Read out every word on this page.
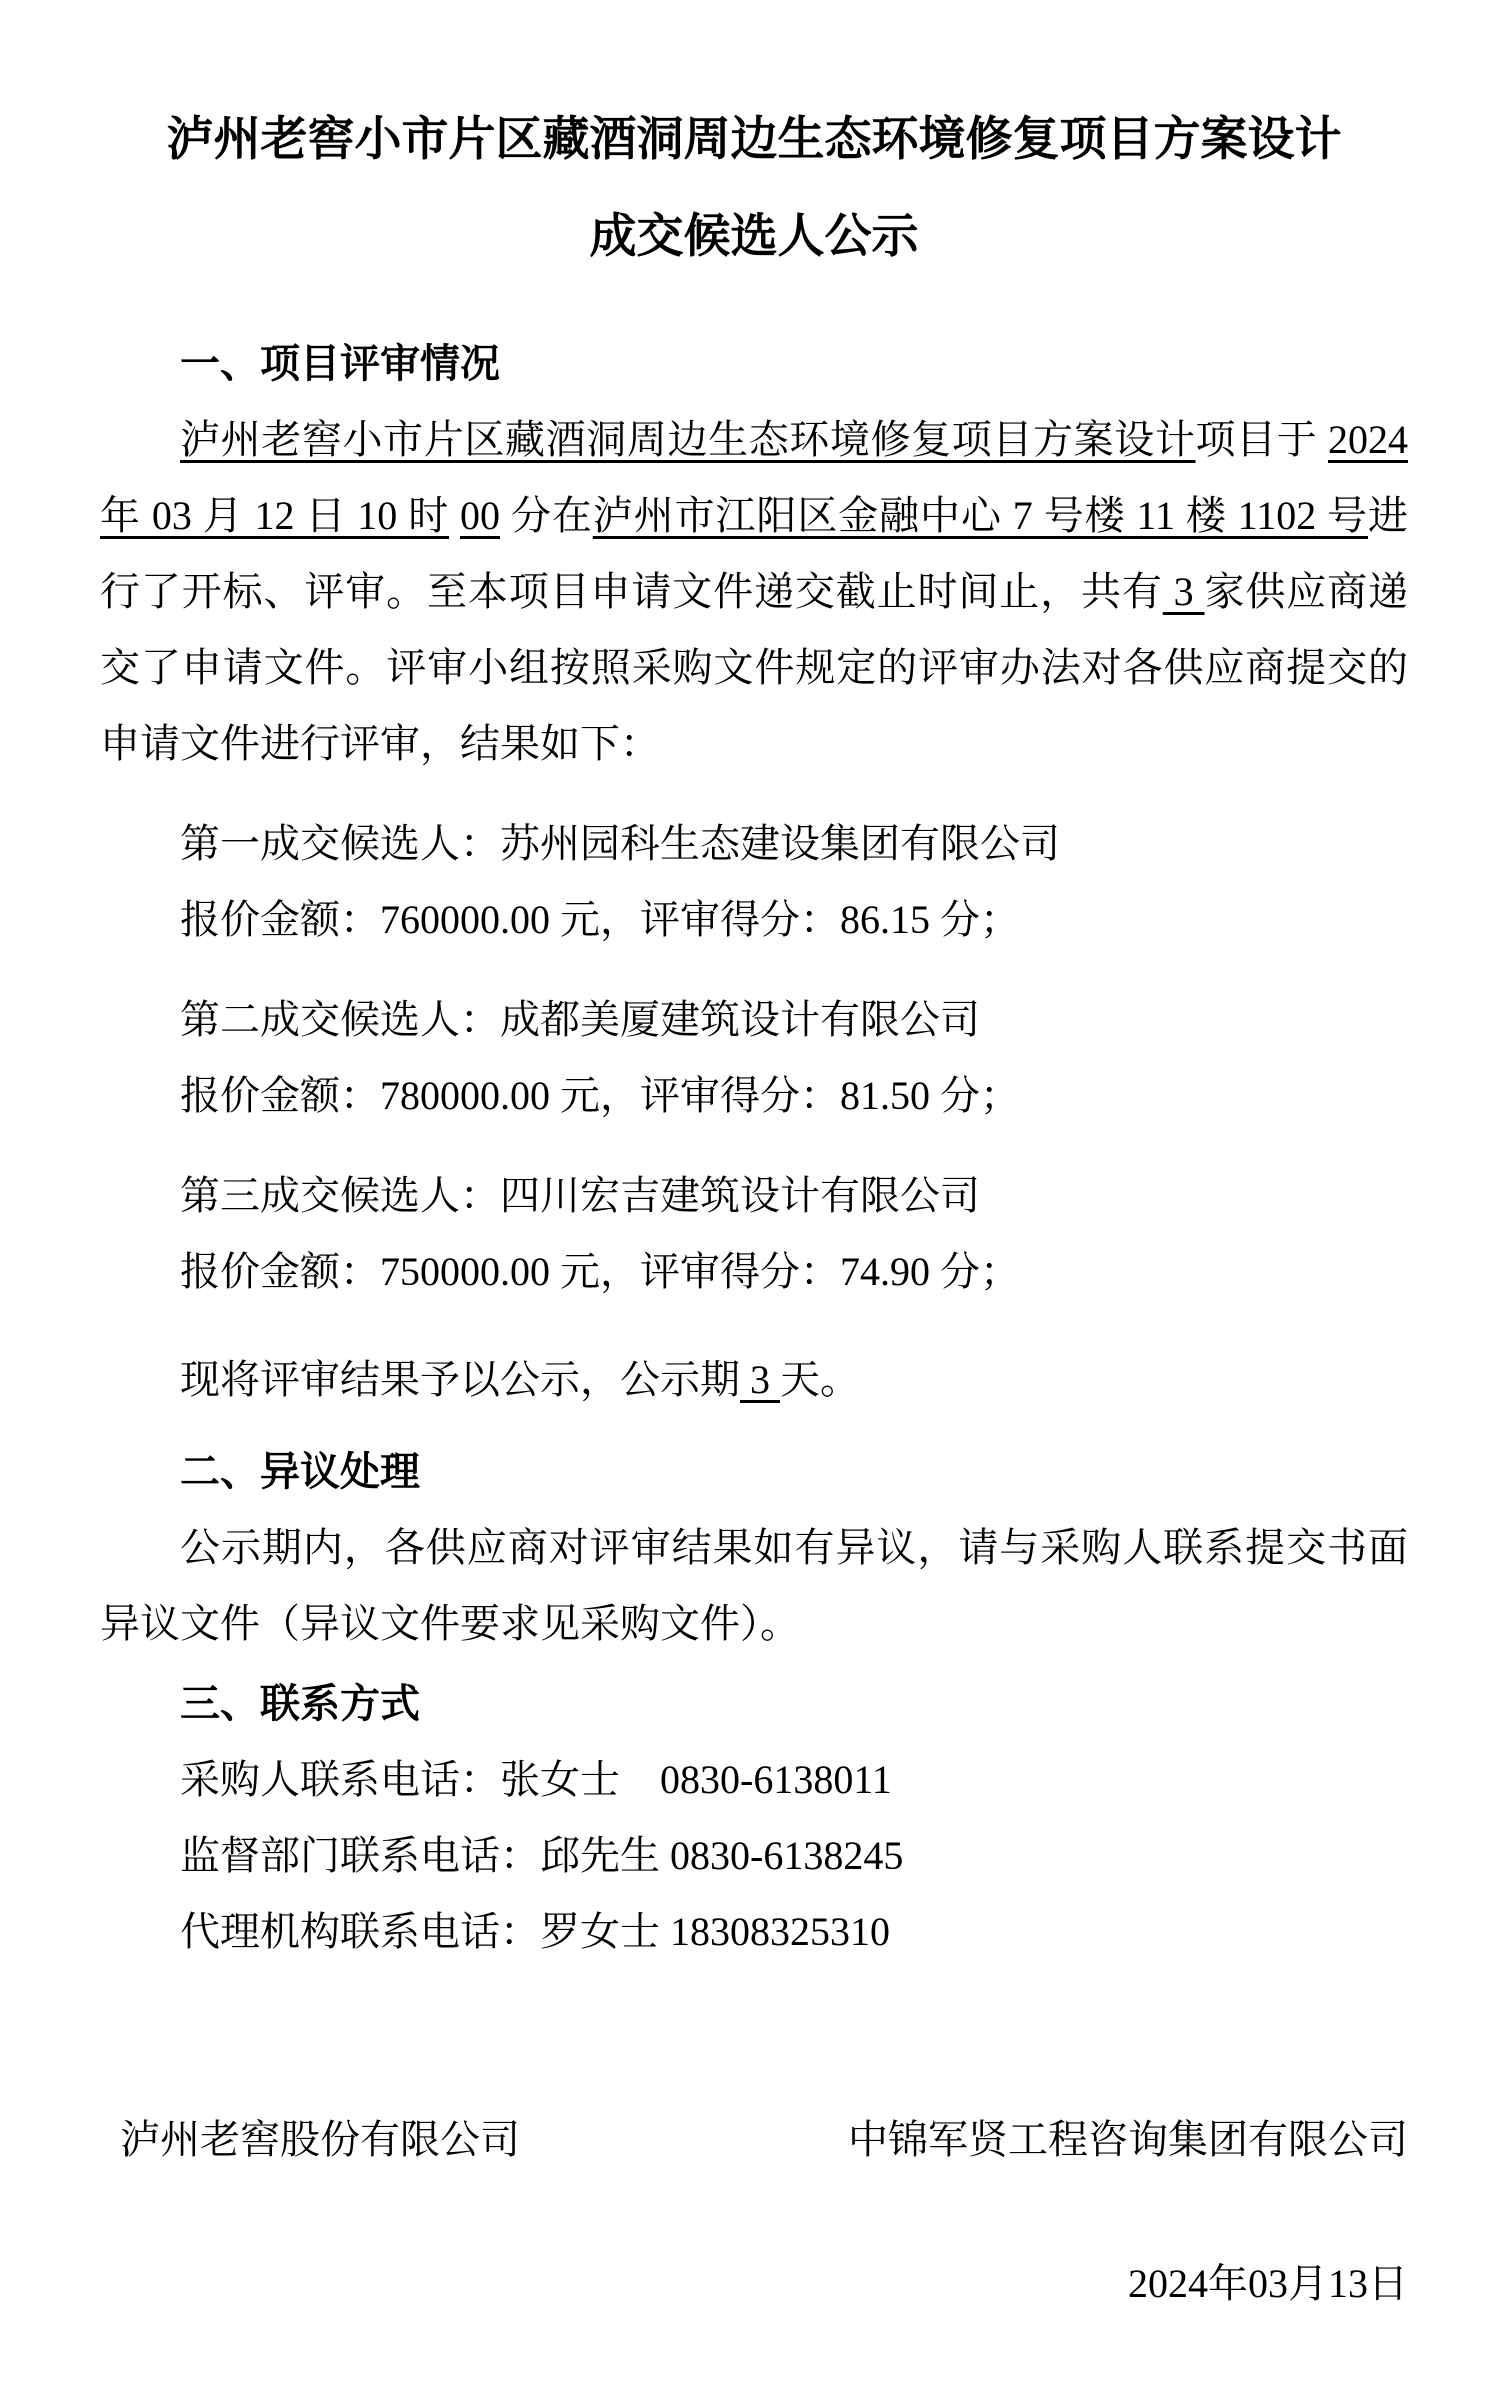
泸州老窖小市片区藏酒洞周边生态环境修复项目方案设计
成交候选人公示
一、项目评审情况

泸州老窖小市片区藏酒洞周边生态环境修复项目方案设计项目于 2024 年 03 月 12 日 10 时 00 分在泸州市江阳区金融中心 7 号楼 11 楼 1102 号进行了开标、评审。至本项目申请文件递交截止时间止，共有 3 家供应商递交了申请文件。评审小组按照采购文件规定的评审办法对各供应商提交的申请文件进行评审，结果如下：

第一成交候选人：苏州园科生态建设集团有限公司

报价金额：760000.00 元，评审得分：86.15 分；

第二成交候选人：成都美厦建筑设计有限公司

报价金额：780000.00 元，评审得分：81.50 分；

第三成交候选人：四川宏吉建筑设计有限公司

报价金额：750000.00 元，评审得分：74.90 分；

现将评审结果予以公示，公示期 3 天。

二、异议处理

公示期内，各供应商对评审结果如有异议，请与采购人联系提交书面异议文件（异议文件要求见采购文件）。

三、联系方式

采购人联系电话：张女士　0830-6138011

监督部门联系电话：邱先生 0830-6138245

代理机构联系电话：罗女士 18308325310

泸州老窖股份有限公司	中锦军贤工程咨询集团有限公司
2024年03月13日
